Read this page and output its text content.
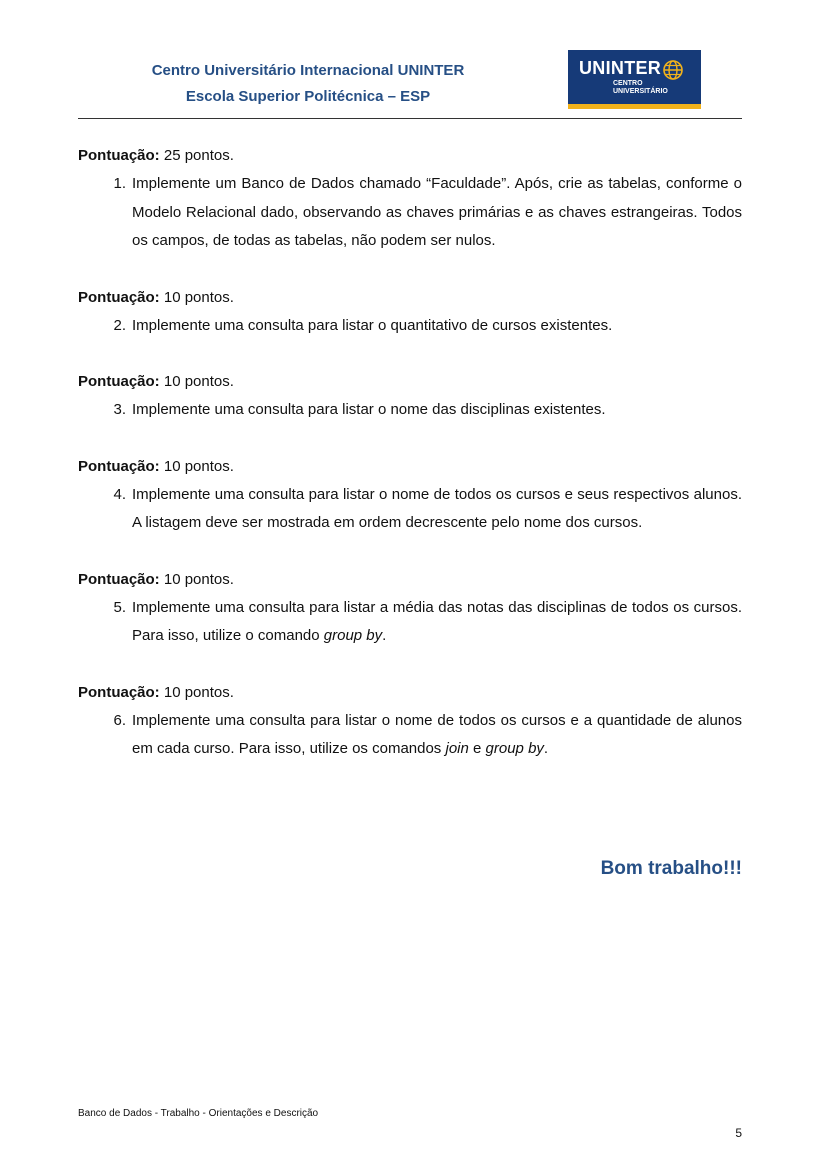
Centro Universitário Internacional UNINTER
Escola Superior Politécnica – ESP
UNINTER
CENTRO
UNIVERSITÁRIO

Pontuação: 25 pontos.

1. Implemente um Banco de Dados chamado “Faculdade”. Após, crie as tabelas, conforme o Modelo Relacional dado, observando as chaves primárias e as chaves estrangeiras. Todos os campos, de todas as tabelas, não podem ser nulos.

Pontuação: 10 pontos.

2. Implemente uma consulta para listar o quantitativo de cursos existentes.

Pontuação: 10 pontos.

3. Implemente uma consulta para listar o nome das disciplinas existentes.

Pontuação: 10 pontos.

4. Implemente uma consulta para listar o nome de todos os cursos e seus respectivos alunos. A listagem deve ser mostrada em ordem decrescente pelo nome dos cursos.

Pontuação: 10 pontos.

5. Implemente uma consulta para listar a média das notas das disciplinas de todos os cursos. Para isso, utilize o comando group by.

Pontuação: 10 pontos.

6. Implemente uma consulta para listar o nome de todos os cursos e a quantidade de alunos em cada curso. Para isso, utilize os comandos join e group by.
Bom trabalho!!!
Banco de Dados - Trabalho - Orientações e Descrição
5
